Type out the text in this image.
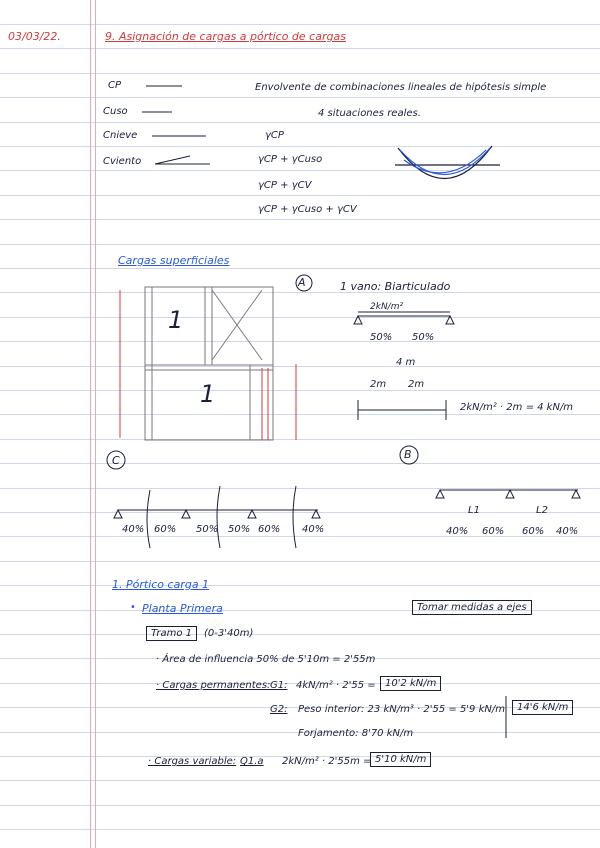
03/03/22.	9. Asignación de cargas a pórtico de cargas
CP
Cuso
Cnieve
Cviento
Envolvente de combinaciones lineales de hipótesis simple
4 situaciones reales.
γCP
γCP + γCuso
γCP + γCV
γCP + γCuso + γCV
Cargas superficiales
1
1
A	1 vano: Biarticulado
2kN/m²
50% 50%
4 m
2m 2m
2kN/m² · 2m = 4 kN/m
B
C
40% 60% 50% 50% 60% 40%
L1	L2
40% 60% 60% 40%
1. Pórtico carga 1
• Planta Primera	Tomar medidas a ejes
Tramo 1	(0-3'40m)
· Área de influencia 50% de 5'10m = 2'55m
· Cargas permanentes: G1: 4kN/m² · 2'55 = 10'2 kN/m
G2: Peso interior: 23 kN/m³ · 2'55 = 5'9 kN/m	14'6 kN/m
Forjamento: 8'70 kN/m
· Cargas variable: Q1.a 2kN/m² · 2'55m = 5'10 kN/m
